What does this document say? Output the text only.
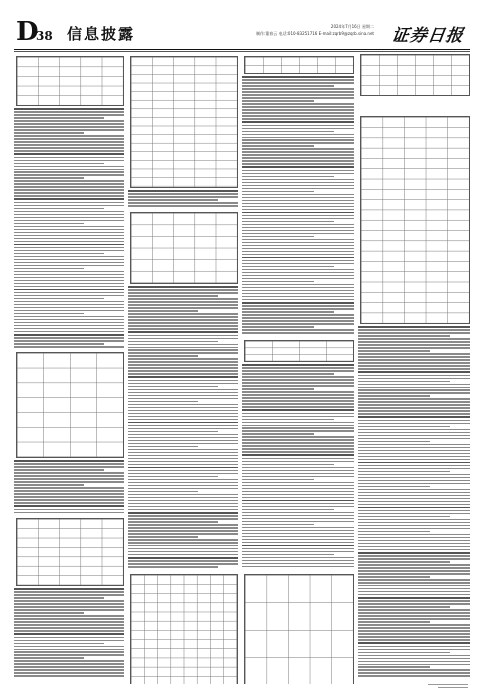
D
38 信息披露	2024年7月16日 星期二
制作:董春云 电话:010-83251716 E-mail:zqrb9@zqrb.sina.net 证券日报
